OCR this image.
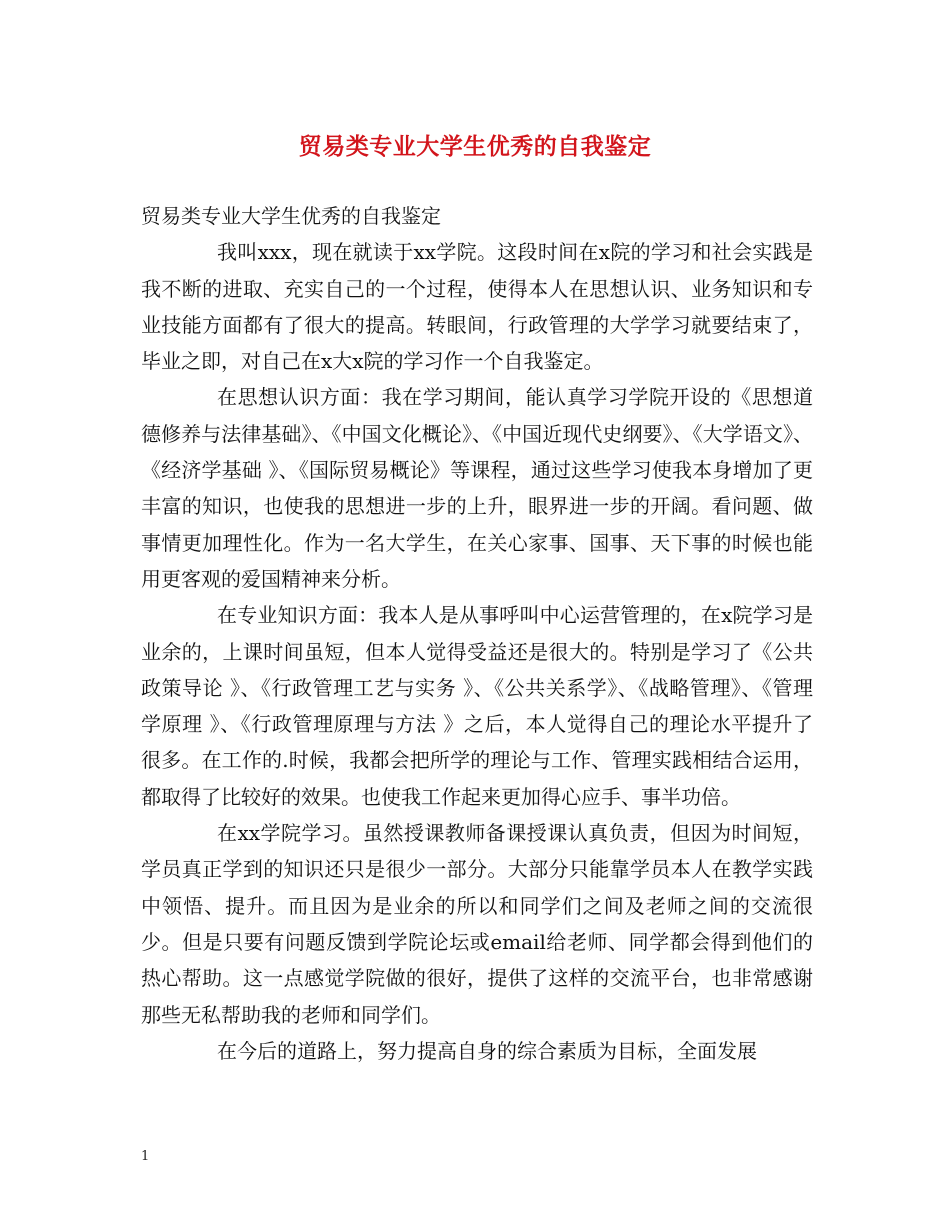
贸易类专业大学生优秀的自我鉴定

贸易类专业大学生优秀的自我鉴定

我叫xxx，现在就读于xx学院。这段时间在x院的学习和社会实践是我不断的进取、充实自己的一个过程，使得本人在思想认识、业务知识和专业技能方面都有了很大的提高。转眼间，行政管理的大学学习就要结束了，毕业之即，对自己在x大x院的学习作一个自我鉴定。

在思想认识方面：我在学习期间，能认真学习学院开设的《思想道德修养与法律基础》、《中国文化概论》、《中国近现代史纲要》、《大学语文》、《经济学基础 》、《国际贸易概论》等课程，通过这些学习使我本身增加了更丰富的知识，也使我的思想进一步的上升，眼界进一步的开阔。看问题、做事情更加理性化。作为一名大学生，在关心家事、国事、天下事的时候也能用更客观的爱国精神来分析。

在专业知识方面：我本人是从事呼叫中心运营管理的，在x院学习是业余的，上课时间虽短，但本人觉得受益还是很大的。特别是学习了《公共政策导论 》、《行政管理工艺与实务 》、《公共关系学》、《战略管理》、《管理学原理 》、《行政管理原理与方法 》之后，本人觉得自己的理论水平提升了很多。在工作的.时候，我都会把所学的理论与工作、管理实践相结合运用，都取得了比较好的效果。也使我工作起来更加得心应手、事半功倍。

在xx学院学习。虽然授课教师备课授课认真负责，但因为时间短，学员真正学到的知识还只是很少一部分。大部分只能靠学员本人在教学实践中领悟、提升。而且因为是业余的所以和同学们之间及老师之间的交流很少。但是只要有问题反馈到学院论坛或email给老师、同学都会得到他们的热心帮助。这一点感觉学院做的很好，提供了这样的交流平台，也非常感谢那些无私帮助我的老师和同学们。

在今后的道路上，努力提高自身的综合素质为目标，全面发展

1
